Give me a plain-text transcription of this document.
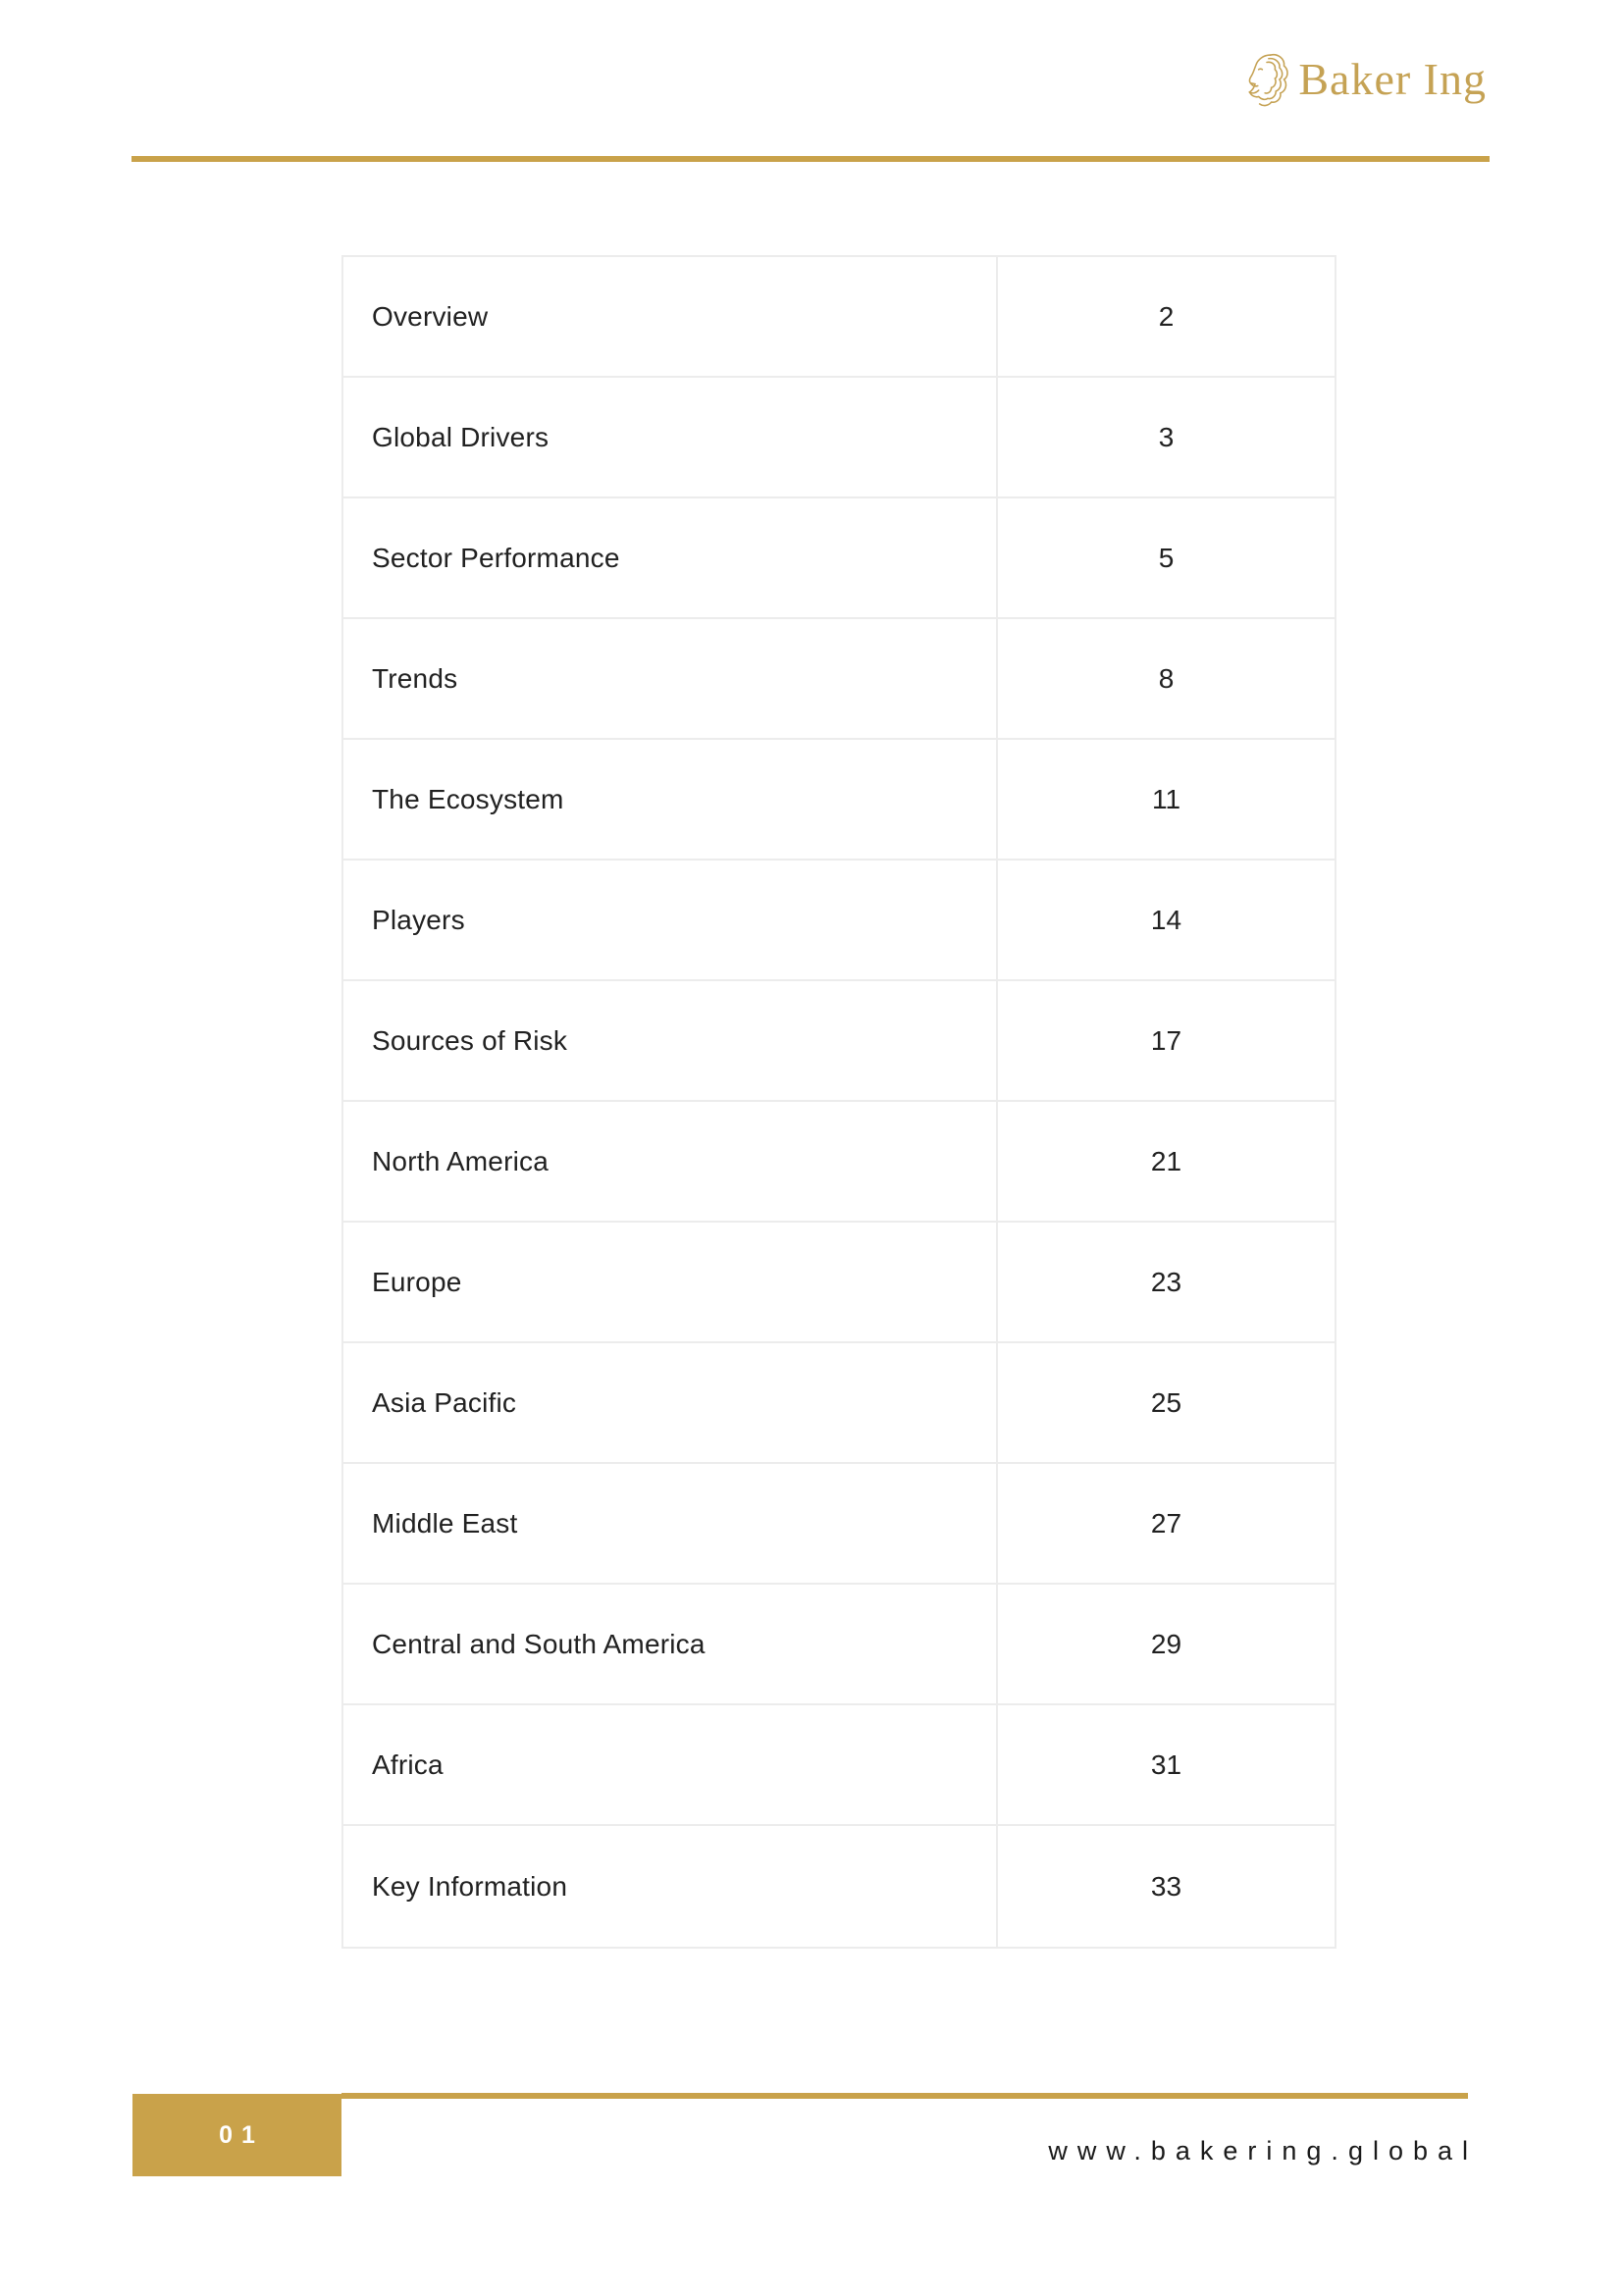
Baker Ing
Overview	2
Global Drivers	3
Sector Performance	5
Trends	8
The Ecosystem	11
Players	14
Sources of Risk	17
North America	21
Europe	23
Asia Pacific	25
Middle East	27
Central and South America	29
Africa	31
Key Information	33
01
www.bakering.global
